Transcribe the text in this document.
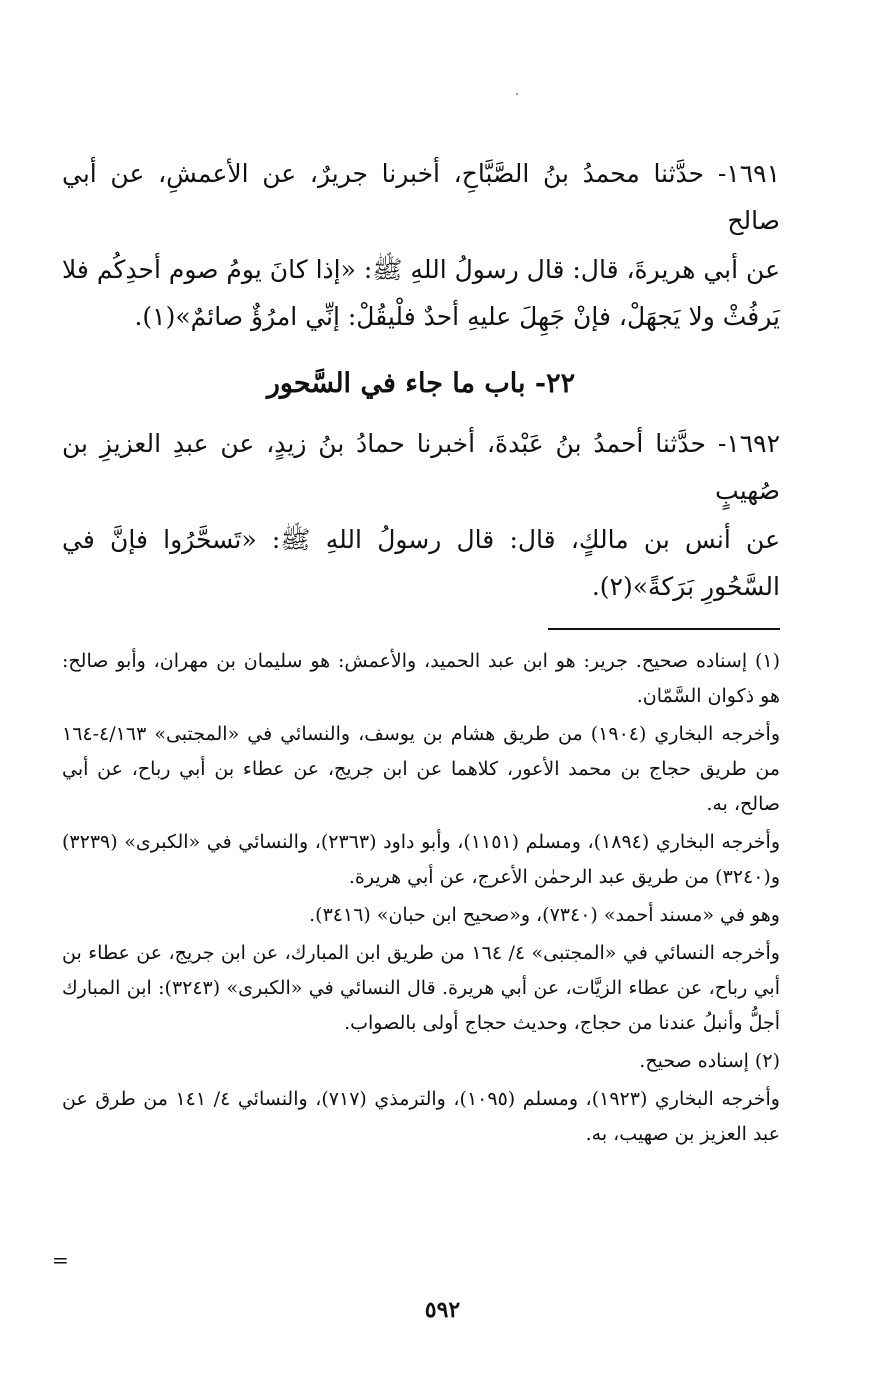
١٦٩١- حدَّثنا محمدُ بنُ الصَّبَّاحِ، أخبرنا جريرٌ، عن الأعمشِ، عن أبي صالح

عن أبي هريرةَ، قال: قال رسولُ اللهِ ﷺ: «إذا كانَ يومُ صوم أحدِكُم فلا يَرفُثْ ولا يَجهَلْ، فإنْ جَهِلَ عليهِ أحدٌ فلْيقُلْ: إنِّي امرُؤٌ صائمٌ»(١).

٢٢- باب ما جاء في السَّحور

١٦٩٢- حدَّثنا أحمدُ بنُ عَبْدةَ، أخبرنا حمادُ بنُ زيدٍ، عن عبدِ العزيزِ بن صُهيبٍ

عن أنس بن مالكٍ، قال: قال رسولُ اللهِ ﷺ: «تَسحَّرُوا فإنَّ في السَّحُورِ بَرَكةً»(٢).

(١) إسناده صحيح. جرير: هو ابن عبد الحميد، والأعمش: هو سليمان بن مهران، وأبو صالح: هو ذكوان السَّمّان.

وأخرجه البخاري (١٩٠٤) من طريق هشام بن يوسف، والنسائي في «المجتبى» ٤/١٦٣-١٦٤ من طريق حجاج بن محمد الأعور، كلاهما عن ابن جريج، عن عطاء بن أبي رباح، عن أبي صالح، به.

وأخرجه البخاري (١٨٩٤)، ومسلم (١١٥١)، وأبو داود (٢٣٦٣)، والنسائي في «الكبرى» (٣٢٣٩) و(٣٢٤٠) من طريق عبد الرحمٰن الأعرج، عن أبي هريرة.

وهو في «مسند أحمد» (٧٣٤٠)، و«صحيح ابن حبان» (٣٤١٦).

وأخرجه النسائي في «المجتبى» ٤/ ١٦٤ من طريق ابن المبارك، عن ابن جريج، عن عطاء بن أبي رباح، عن عطاء الزيَّات، عن أبي هريرة. قال النسائي في «الكبرى» (٣٢٤٣): ابن المبارك أجلُّ وأنبلُ عندنا من حجاج، وحديث حجاج أولى بالصواب.

(٢) إسناده صحيح.

وأخرجه البخاري (١٩٢٣)، ومسلم (١٠٩٥)، والترمذي (٧١٧)، والنسائي ٤/ ١٤١ من طرق عن عبد العزيز بن صهيب، به.

=
٥٩٢
